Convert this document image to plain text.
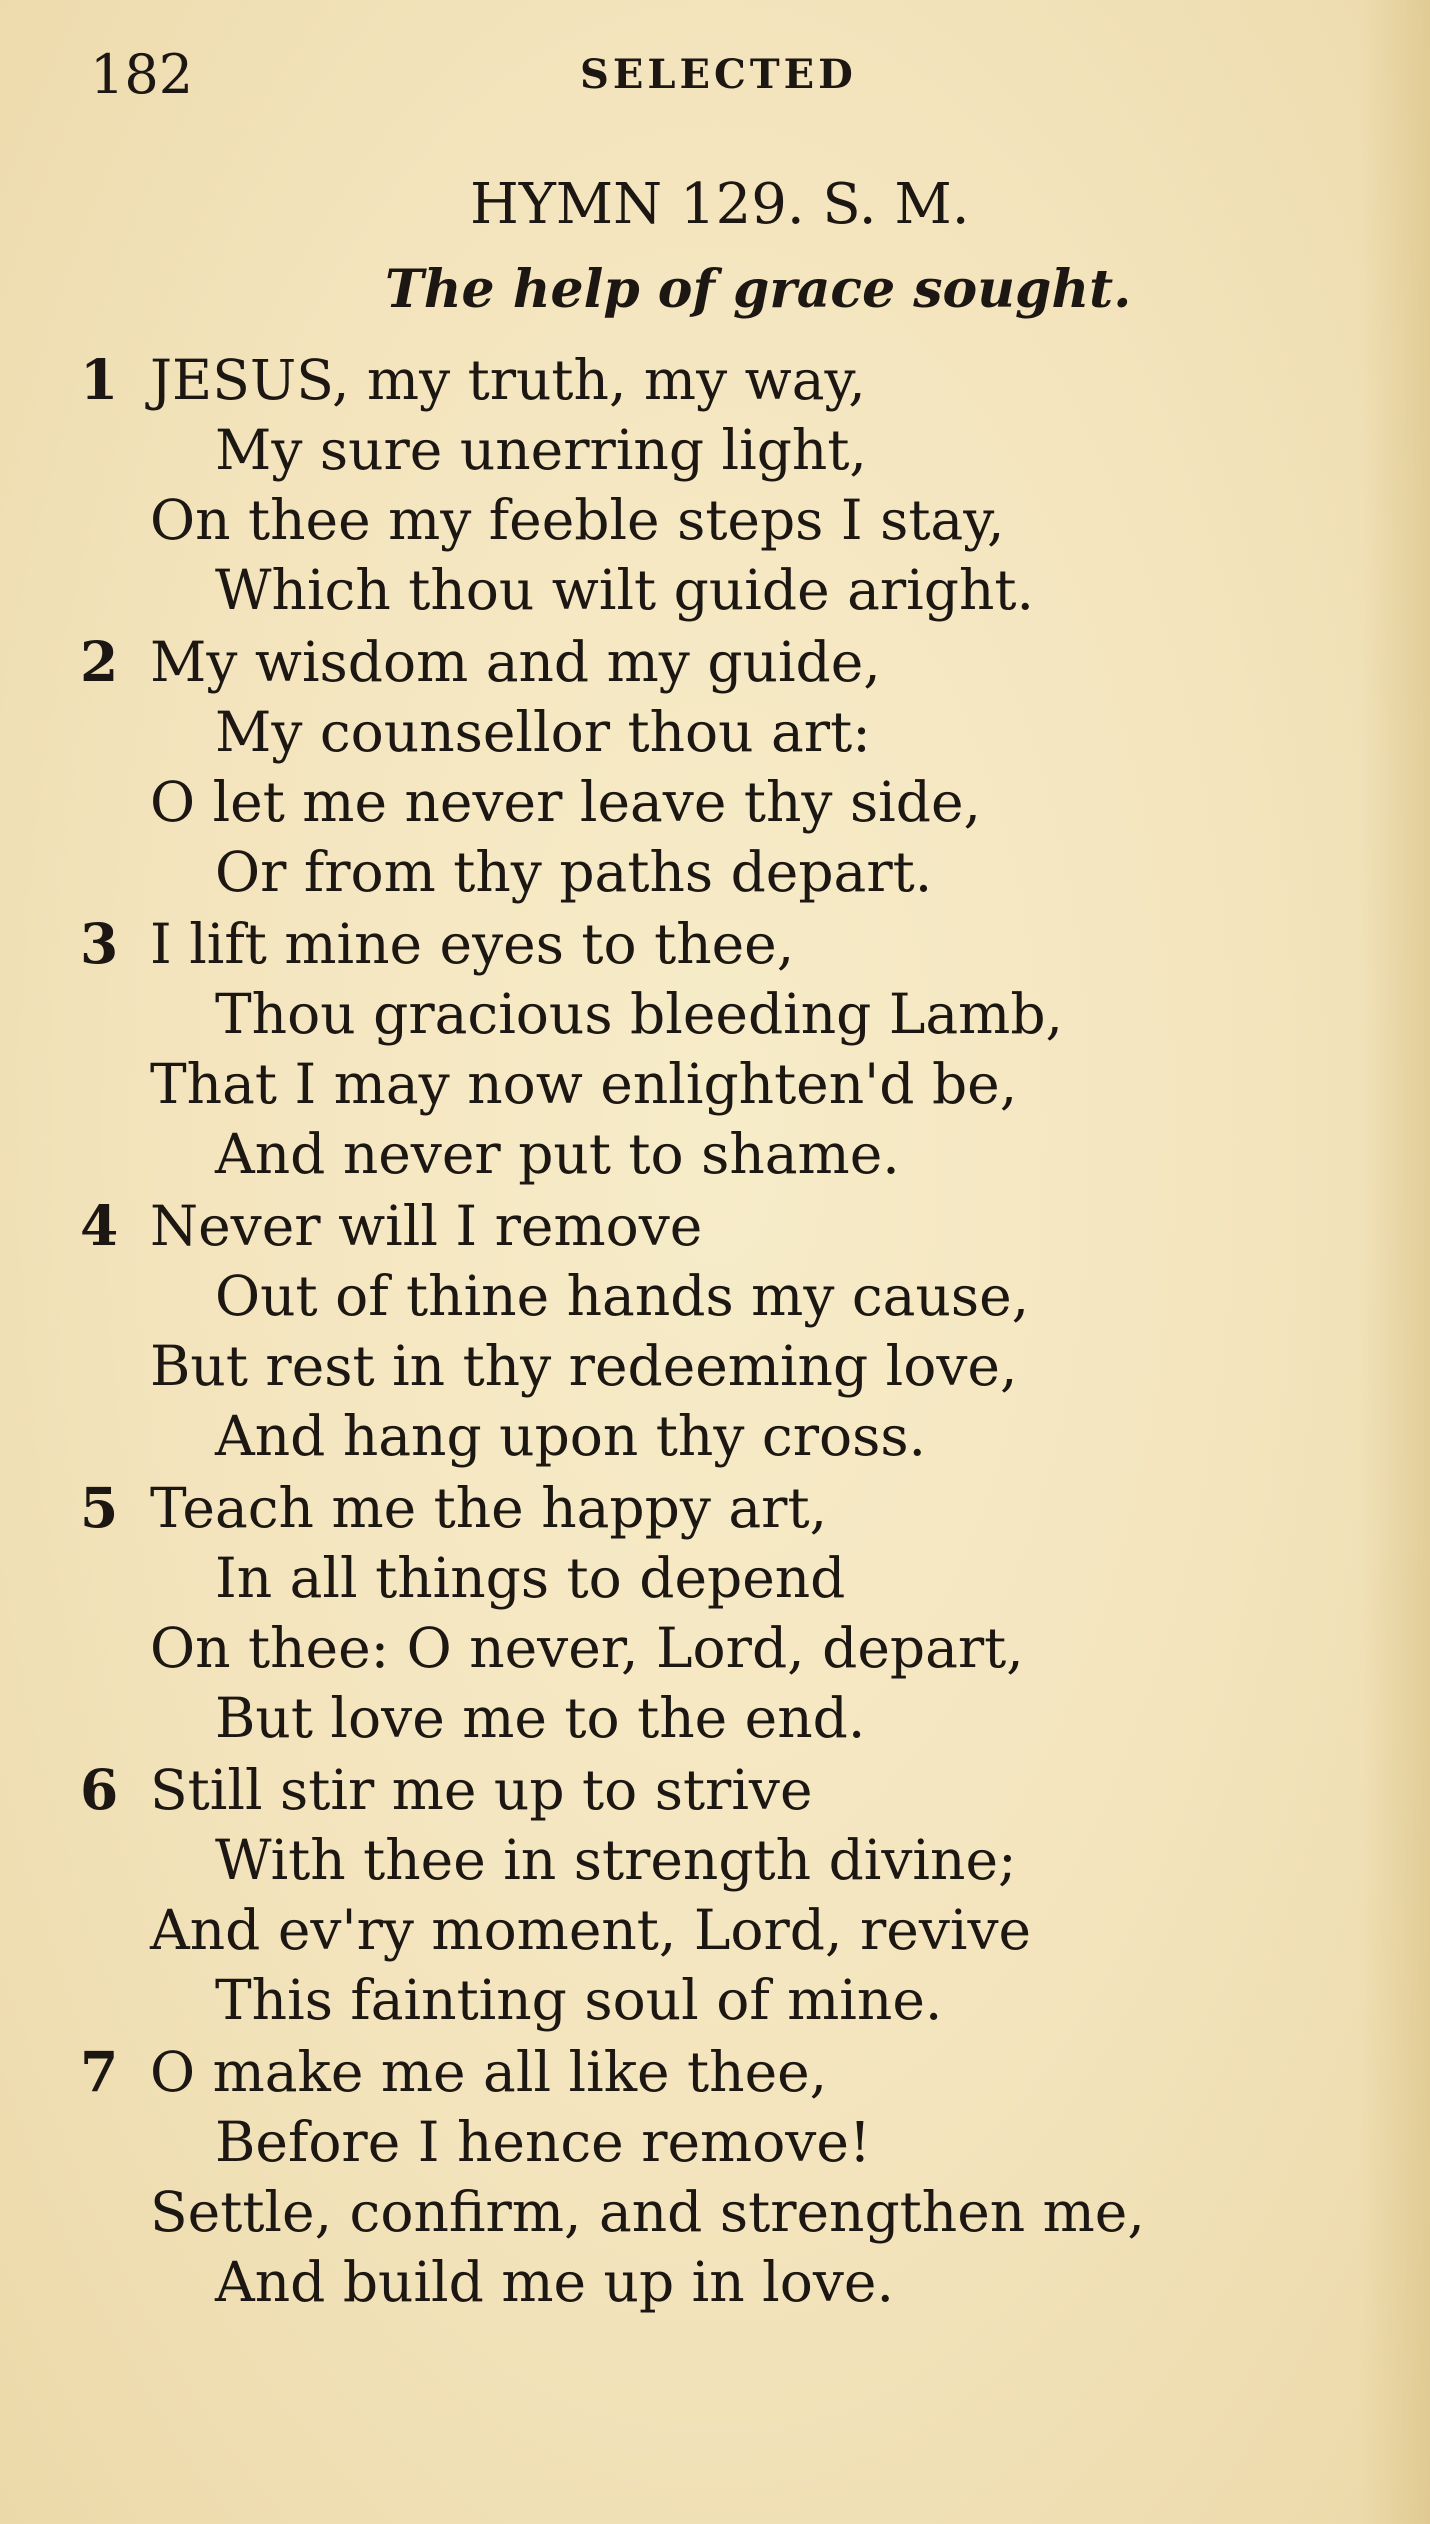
182	SELECTED
HYMN 129. S. M.
The help of grace sought.
1 JESUS, my truth, my way,
My sure unerring light,
On thee my feeble steps I stay,
Which thou wilt guide aright.
2 My wisdom and my guide,
My counsellor thou art:
O let me never leave thy side,
Or from thy paths depart.
3 I lift mine eyes to thee,
Thou gracious bleeding Lamb,
That I may now enlighten'd be,
And never put to shame.
4 Never will I remove
Out of thine hands my cause,
But rest in thy redeeming love,
And hang upon thy cross.
5 Teach me the happy art,
In all things to depend
On thee: O never, Lord, depart,
But love me to the end.
6 Still stir me up to strive
With thee in strength divine;
And ev'ry moment, Lord, revive
This fainting soul of mine.
7 O make me all like thee,
Before I hence remove!
Settle, confirm, and strengthen me,
And build me up in love.
